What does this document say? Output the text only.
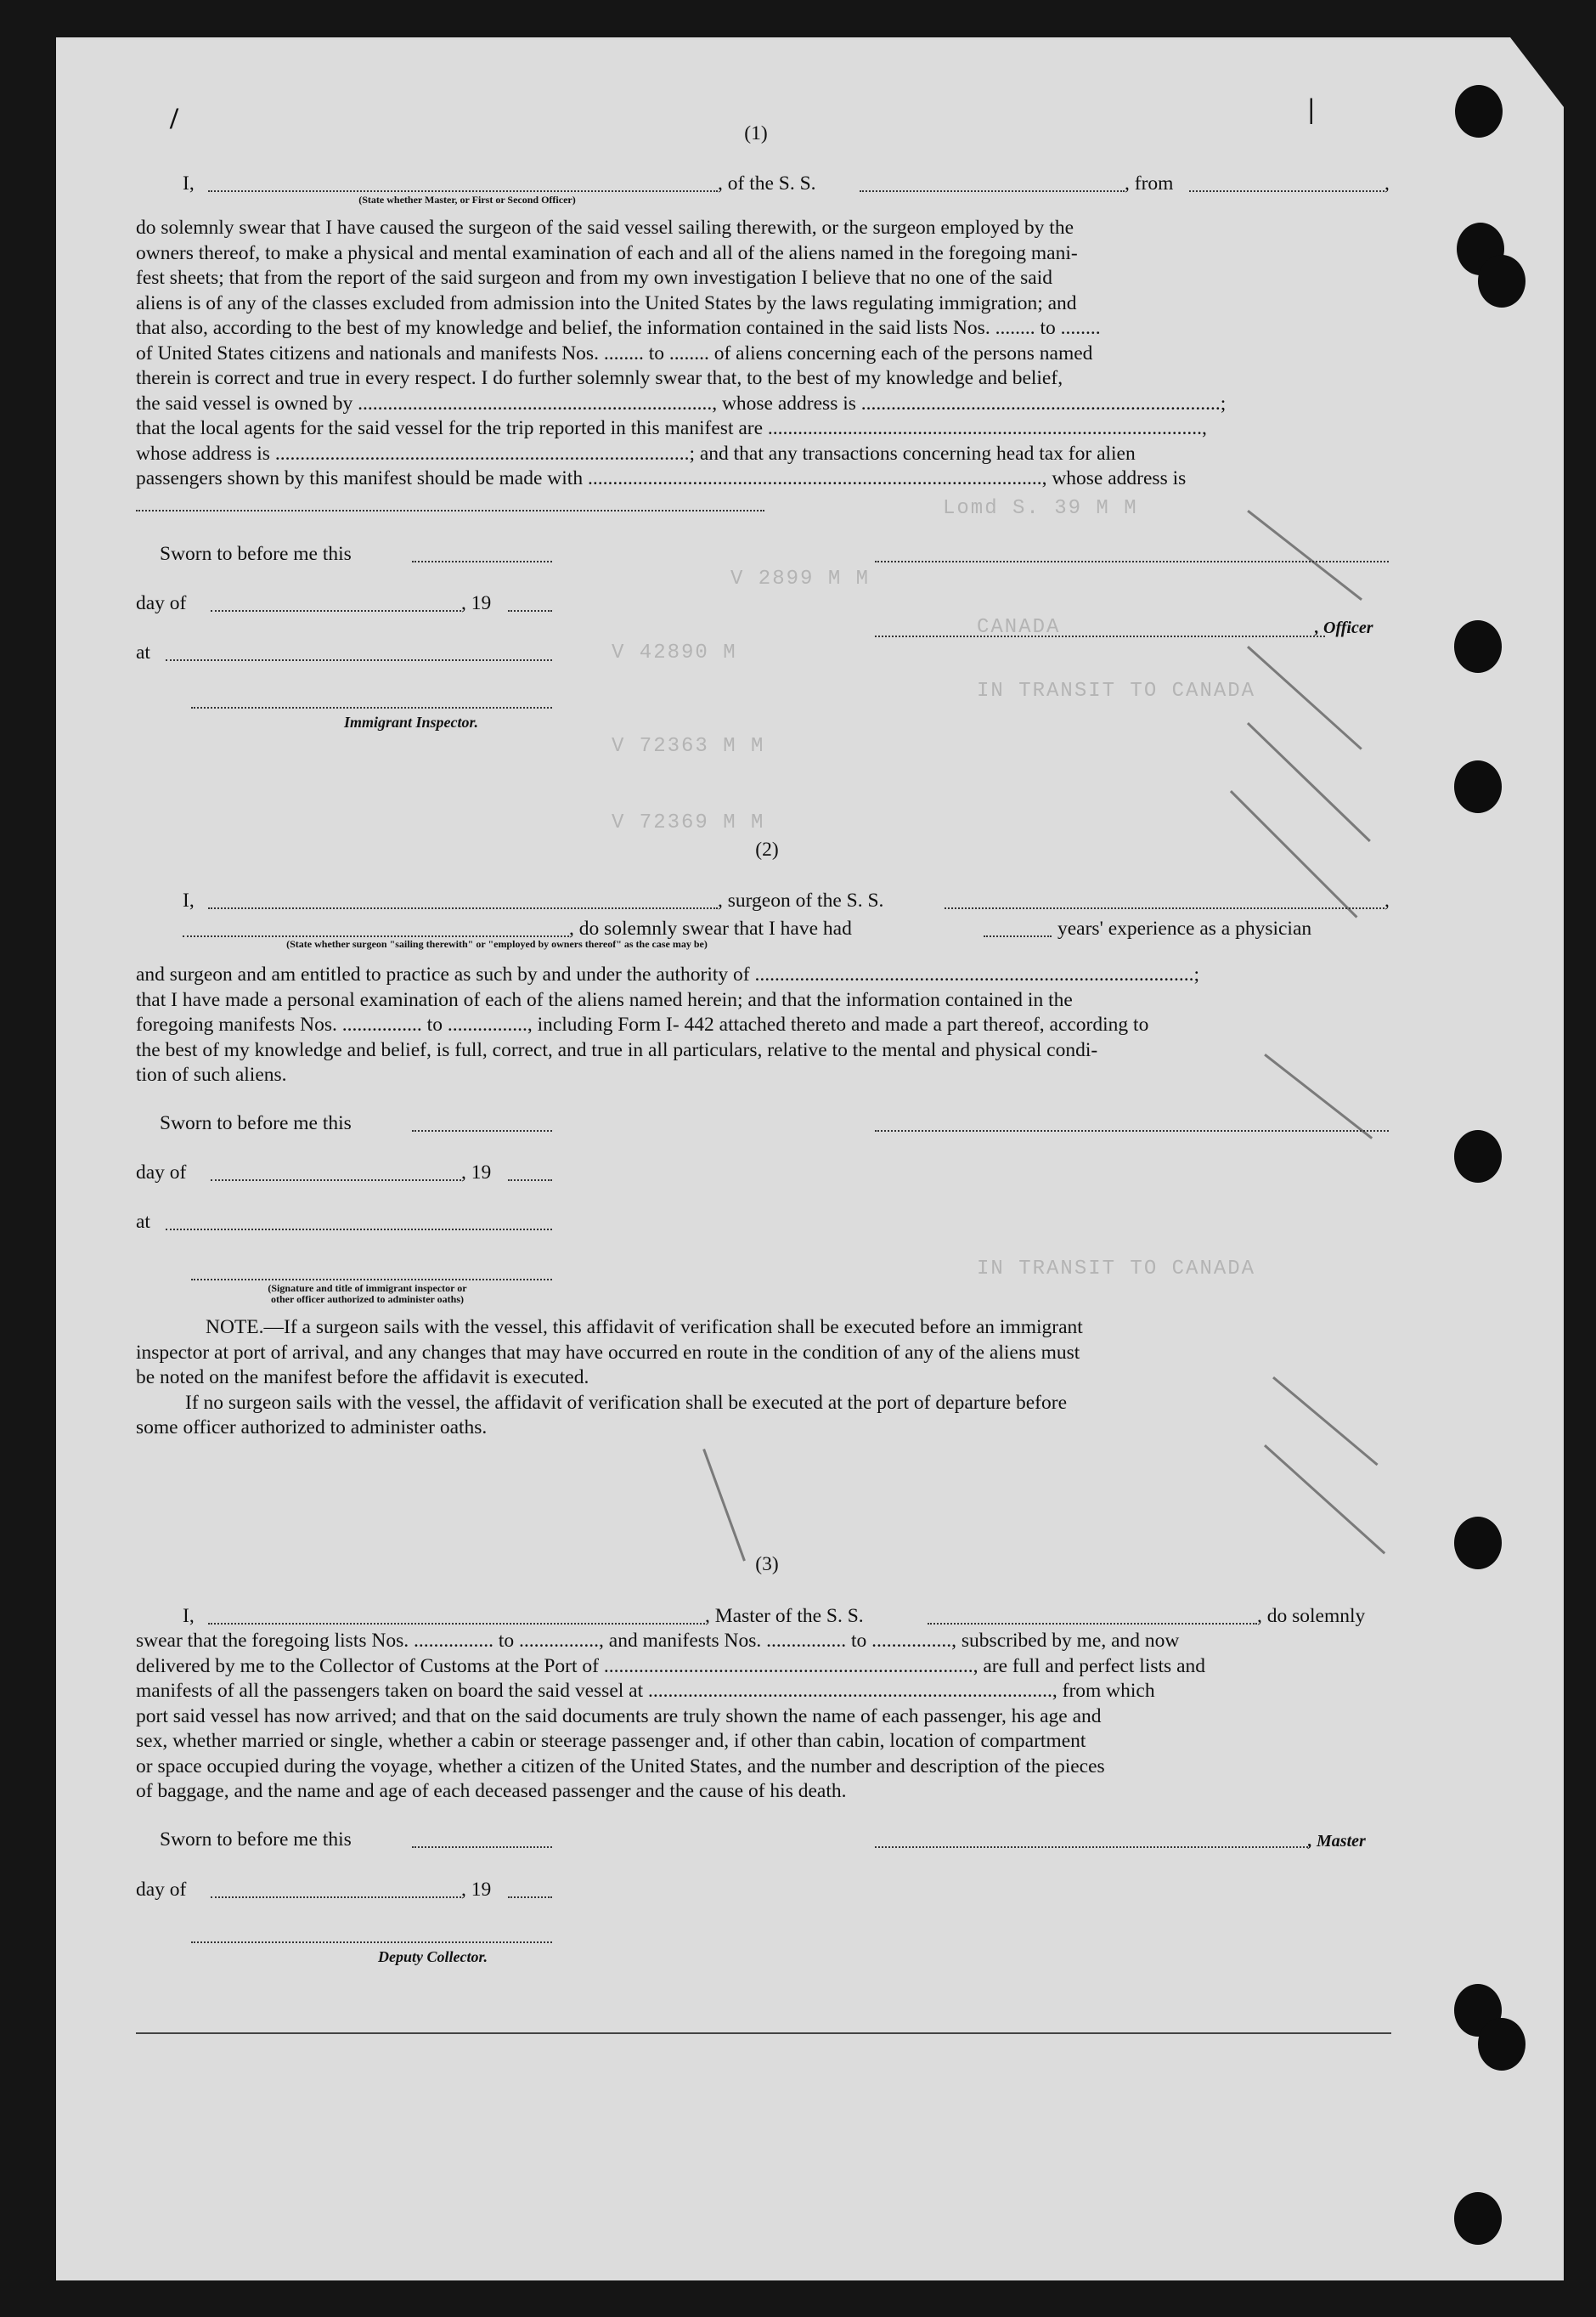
Lomd S. 39 M M
V 2899 M M
CANADA
V 42890 M
IN TRANSIT TO CANADA
V 72363 M M
IN TRANSIT TO CANADA
V 72369 M M
/	|
(1)
I,	, of the S. S.	, from	,
(State whether Master, or First or Second Officer)
do solemnly swear that I have caused the surgeon of the said vessel sailing therewith, or the surgeon employed by the
owners thereof, to make a physical and mental examination of each and all of the aliens named in the foregoing mani-
fest sheets; that from the report of the said surgeon and from my own investigation I believe that no one of the said
aliens is of any of the classes excluded from admission into the United States by the laws regulating immigration; and
that also, according to the best of my knowledge and belief, the information contained in the said lists Nos. ........ to ........
of United States citizens and nationals and manifests Nos. ........ to ........ of aliens concerning each of the persons named
therein is correct and true in every respect. I do further solemnly swear that, to the best of my knowledge and belief,
the said vessel is owned by ......................................................................., whose address is ........................................................................;
that the local agents for the said vessel for the trip reported in this manifest are .......................................................................................,
whose address is ...................................................................................; and that any transactions concerning head tax for alien
passengers shown by this manifest should be made with ..........................................................................................., whose address is
Sworn to before me this
day of	, 19
at
, Officer
Immigrant Inspector.
(2)
I,	, surgeon of the S. S.	,
, do solemnly swear that I have had	years' experience as a physician
(State whether surgeon "sailing therewith" or "employed by owners thereof" as the case may be)
and surgeon and am entitled to practice as such by and under the authority of ........................................................................................;
that I have made a personal examination of each of the aliens named herein; and that the information contained in the
foregoing manifests Nos. ................ to ................, including Form I- 442 attached thereto and made a part thereof, according to
the best of my knowledge and belief, is full, correct, and true in all particulars, relative to the mental and physical condi-
tion of such aliens.
Sworn to before me this
day of	, 19
at
(Signature and title of immigrant inspector or
other officer authorized to administer oaths)
NOTE.—If a surgeon sails with the vessel, this affidavit of verification shall be executed before an immigrant
inspector at port of arrival, and any changes that may have occurred en route in the condition of any of the aliens must
be noted on the manifest before the affidavit is executed.
If no surgeon sails with the vessel, the affidavit of verification shall be executed at the port of departure before
some officer authorized to administer oaths.
(3)
I,	, Master of the S. S.	, do solemnly
swear that the foregoing lists Nos. ................ to ................, and manifests Nos. ................ to ................, subscribed by me, and now
delivered by me to the Collector of Customs at the Port of .........................................................................., are full and perfect lists and
manifests of all the passengers taken on board the said vessel at ................................................................................., from which
port said vessel has now arrived; and that on the said documents are truly shown the name of each passenger, his age and
sex, whether married or single, whether a cabin or steerage passenger and, if other than cabin, location of compartment
or space occupied during the voyage, whether a citizen of the United States, and the number and description of the pieces
of baggage, and the name and age of each deceased passenger and the cause of his death.
Sworn to before me this	, Master
day of	, 19
Deputy Collector.
